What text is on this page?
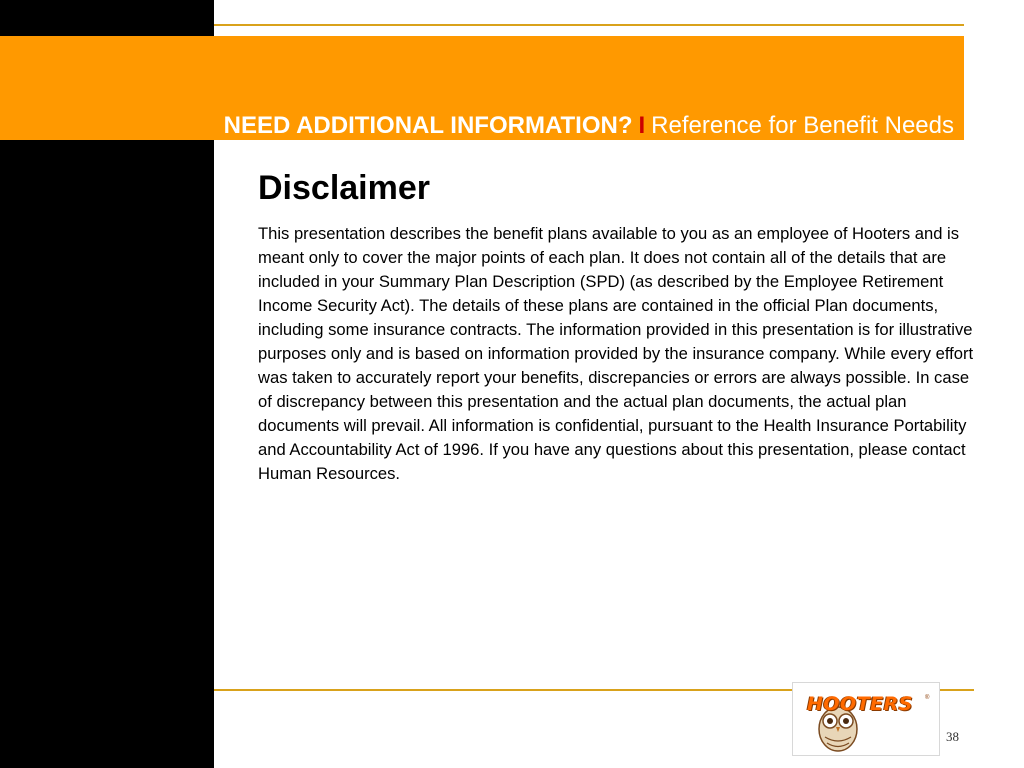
NEED ADDITIONAL INFORMATION? I Reference for Benefit Needs
Disclaimer

This presentation describes the benefit plans available to you as an employee of Hooters and is meant only to cover the major points of each plan. It does not contain all of the details that are included in your Summary Plan Description (SPD) (as described by the Employee Retirement Income Security Act). The details of these plans are contained in the official Plan documents, including some insurance contracts. The information provided in this presentation is for illustrative purposes only and is based on information provided by the insurance company. While every effort was taken to accurately report your benefits, discrepancies or errors are always possible. In case of discrepancy between this presentation and the actual plan documents, the actual plan documents will prevail. All information is confidential, pursuant to the Health Insurance Portability and Accountability Act of 1996. If you have any questions about this presentation, please contact Human Resources.

HOOTERS ®
38
